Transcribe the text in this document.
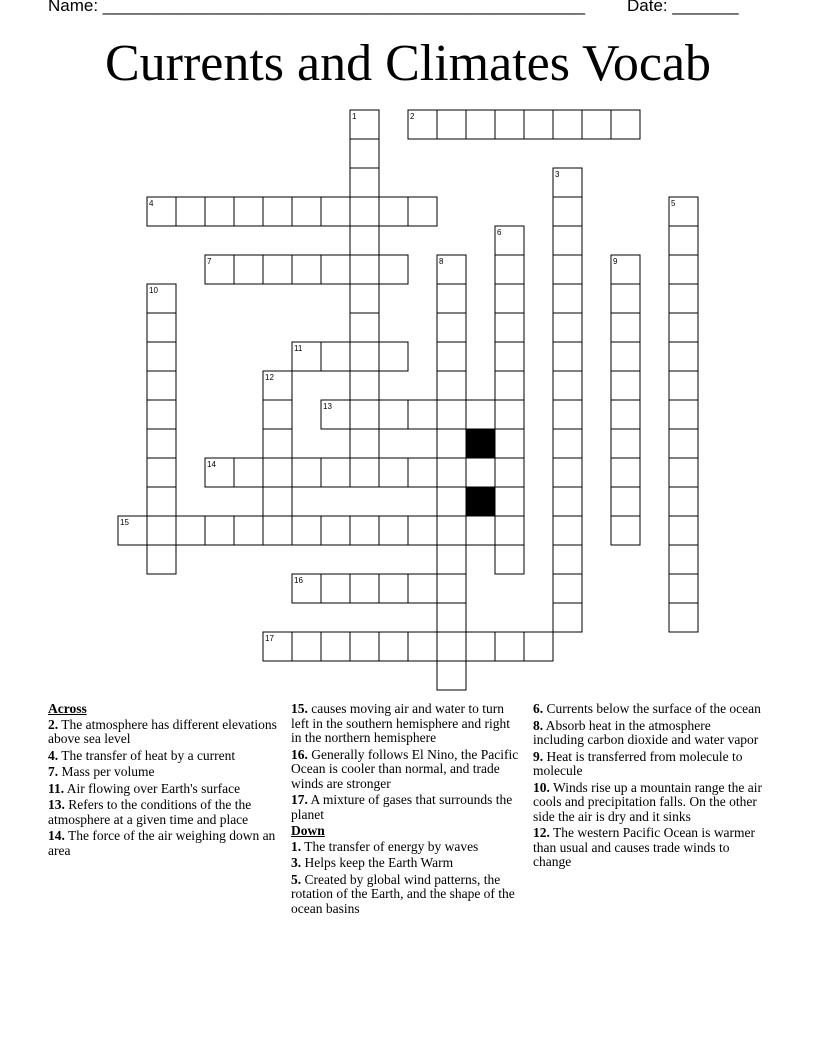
Name: ___________________________________________________ Date: _______
Currents and Climates Vocab
1	2
3
4	5
6
7	8	9
10
11
12
13
14
15
16
17
Across
2. The atmosphere has different elevations above sea level
4. The transfer of heat by a current
7. Mass per volume
11. Air flowing over Earth's surface
13. Refers to the conditions of the the atmosphere at a given time and place
14. The force of the air weighing down an area
15. causes moving air and water to turn left in the southern hemisphere and right in the northern hemisphere
16. Generally follows El Nino, the Pacific Ocean is cooler than normal, and trade winds are stronger
17. A mixture of gases that surrounds the planet
Down
1. The transfer of energy by waves
3. Helps keep the Earth Warm
5. Created by global wind patterns, the rotation of the Earth, and the shape of the ocean basins
6. Currents below the surface of the ocean
8. Absorb heat in the atmosphere including carbon dioxide and water vapor
9. Heat is transferred from molecule to molecule
10. Winds rise up a mountain range the air cools and precipitation falls. On the other side the air is dry and it sinks
12. The western Pacific Ocean is warmer than usual and causes trade winds to change
